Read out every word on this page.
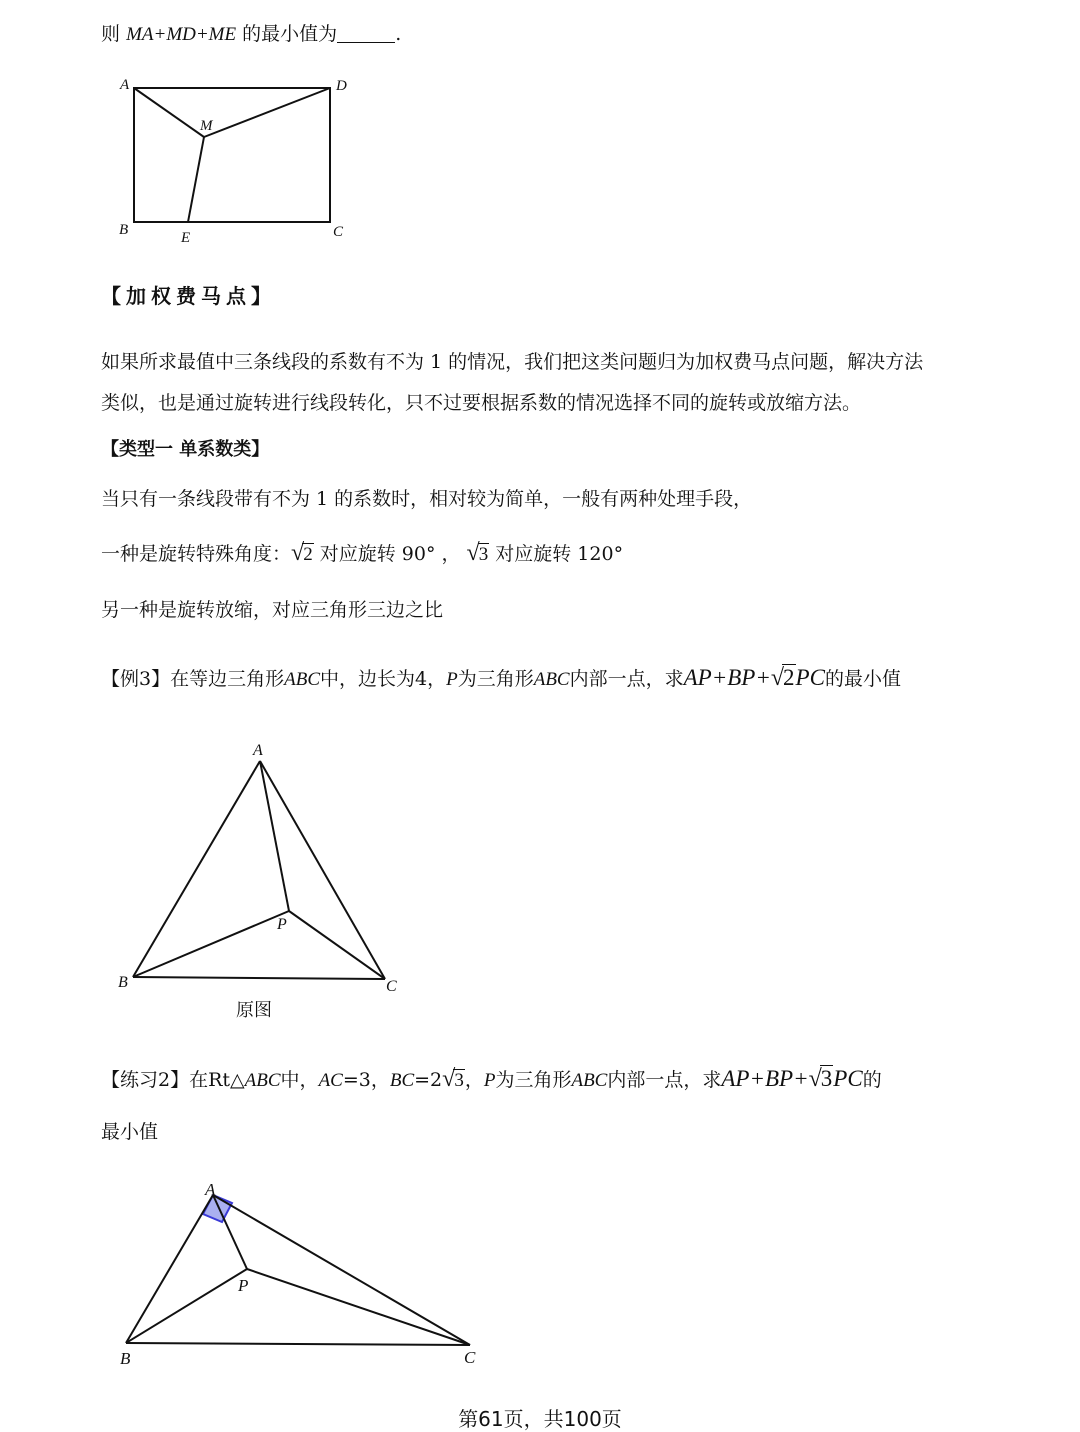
则 MA+MD+ME 的最小值为	.
A	D
M
B	E	C
【加权费马点】
如果所求最值中三条线段的系数有不为 1 的情况，我们把这类问题归为加权费马点问题，解决方法
类似，也是通过旋转进行线段转化，只不过要根据系数的情况选择不同的旋转或放缩方法。
【类型一 单系数类】
当只有一条线段带有不为 1 的系数时，相对较为简单，一般有两种处理手段，
一种是旋转特殊角度：√2 对应旋转 90° ， √3 对应旋转 120°
另一种是旋转放缩，对应三角形三边之比
【例3】在等边三角形ABC中，边长为4，P为三角形ABC内部一点，求AP+BP+√2PC的最小值
A
P
B	C
原图
【练习2】在Rt△ABC中，AC=3，BC=2√3，P为三角形ABC内部一点，求AP+BP+√3PC的
最小值
A
P
B	C
第61页，共100页
